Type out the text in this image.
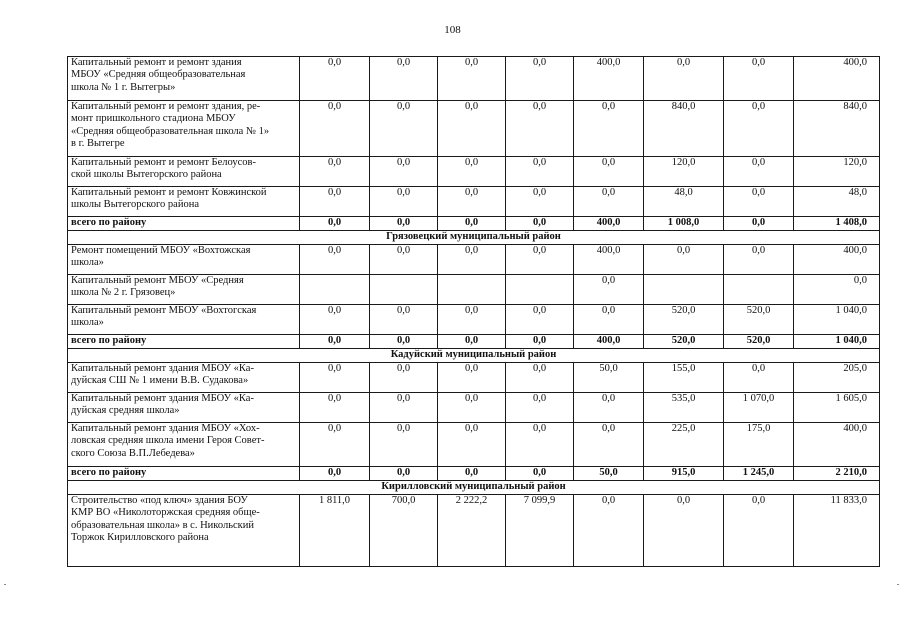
108
Капитальный ремонт и ремонт здания
МБОУ «Средняя общеобразовательная
школа № 1 г. Вытегры»	0,0	0,0	0,0	0,0	400,0	0,0	0,0	400,0

Капитальный ремонт и ремонт здания, ре-
монт пришкольного стадиона МБОУ
«Средняя общеобразовательная школа № 1»
в г. Вытегре	0,0	0,0	0,0	0,0	0,0	840,0	0,0	840,0

Капитальный ремонт и ремонт Белоусов-
ской школы Вытегорского района	0,0	0,0	0,0	0,0	0,0	120,0	0,0	120,0

Капитальный ремонт и ремонт Ковжинской
школы Вытегорского района	0,0	0,0	0,0	0,0	0,0	48,0	0,0	48,0
всего по району	0,0	0,0	0,0	0,0	400,0	1 008,0	0,0	1 408,0
Грязовецкий муниципальный район								

Ремонт помещений МБОУ «Вохтожская
школа»	0,0	0,0	0,0	0,0	400,0	0,0	0,0	400,0

Капитальный ремонт МБОУ «Средняя
школа № 2 г. Грязовец»					0,0			0,0

Капитальный ремонт МБОУ «Вохтогская
школа»	0,0	0,0	0,0	0,0	0,0	520,0	520,0	1 040,0
всего по району	0,0	0,0	0,0	0,0	400,0	520,0	520,0	1 040,0
Кадуйский муниципальный район								

Капитальный ремонт здания МБОУ «Ка-
дуйская СШ № 1 имени В.В. Судакова»	0,0	0,0	0,0	0,0	50,0	155,0	0,0	205,0

Капитальный ремонт здания МБОУ «Ка-
дуйская средняя школа»	0,0	0,0	0,0	0,0	0,0	535,0	1 070,0	1 605,0

Капитальный ремонт здания МБОУ «Хох-
ловская средняя школа имени Героя Совет-
ского Союза В.П.Лебедева»	0,0	0,0	0,0	0,0	0,0	225,0	175,0	400,0
всего по району	0,0	0,0	0,0	0,0	50,0	915,0	1 245,0	2 210,0
Кирилловский муниципальный район								

Строительство «под ключ» здания БОУ
КМР ВО «Николоторжская средняя обще-
образовательная школа» в с. Никольский
Торжок Кирилловского района	1 811,0	700,0	2 222,2	7 099,9	0,0	0,0	0,0	11 833,0
